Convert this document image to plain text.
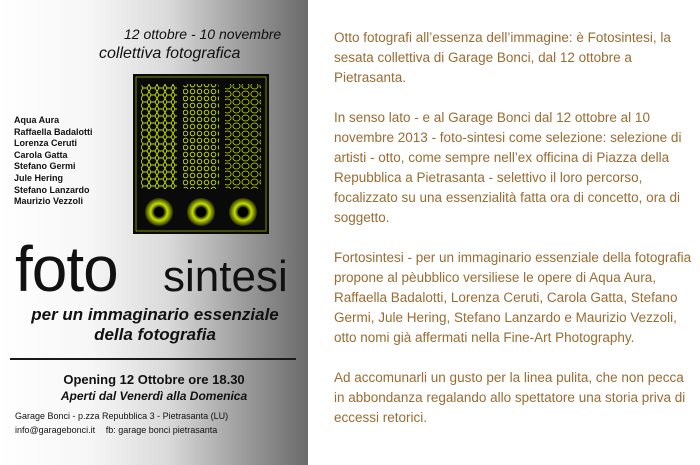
12 ottobre - 10 novembre
collettiva fotografica
Aqua Aura
Raffaella Badalotti
Lorenza Ceruti
Carola Gatta
Stefano Germi
Jule Hering
Stefano Lanzardo
Maurizio Vezzoli
foto sintesi
per un immaginario essenziale
della fotografia
Opening 12 Ottobre ore 18.30
Aperti dal Venerdì alla Domenica
Garage Bonci - p.zza Repubblica 3 - Pietrasanta (LU)
info@garagebonci.it fb: garage bonci pietrasanta

Otto fotografi all’essenza dell’immagine: è Fotosintesi, la sesata collettiva di Garage Bonci, dal 12 ottobre a Pietrasanta.

In senso lato - e al Garage Bonci dal 12 ottobre al 10 novembre 2013 - foto-sintesi come selezione: selezione di artisti - otto, come sempre nell’ex officina di Piazza della Repubblica a Pietrasanta - selettivo il loro percorso, focalizzato su una essenzialità fatta ora di concetto, ora di soggetto.

Fortosintesi - per un immaginario essenziale della fotografia propone al pèubblico versiliese le opere di Aqua Aura, Raffaella Badalotti, Lorenza Ceruti, Carola Gatta, Stefano Germi, Jule Hering, Stefano Lanzardo e Maurizio Vezzoli, otto nomi già affermati nella Fine-Art Photography.

Ad accomunarli un gusto per la linea pulita, che non pecca in abbondanza regalando allo spettatore una storia priva di eccessi retorici.
